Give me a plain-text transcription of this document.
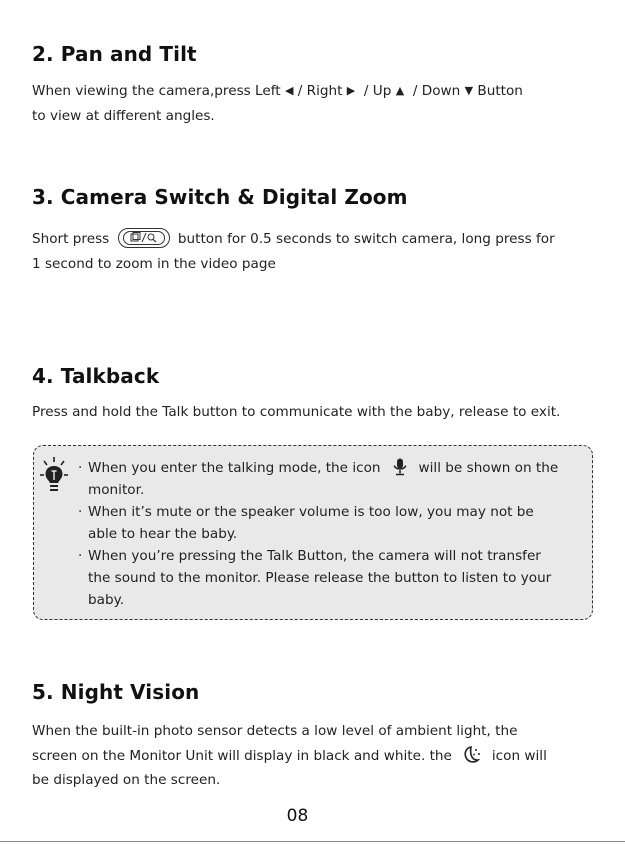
2. Pan and Tilt

When viewing the camera,press Left ◀ / Right ▶ / Up ▲ / Down ▼ Button

to view at different angles.

3. Camera Switch & Digital Zoom

Short press	button for 0.5 seconds to switch camera, long press for

1 second to zoom in the video page

4. Talkback

Press and hold the Talk button to communicate with the baby, release to exit.

· When you enter the talking mode, the icon	will be shown on the

monitor.

· When it’s mute or the speaker volume is too low, you may not be

able to hear the baby.

· When you’re pressing the Talk Button, the camera will not transfer

the sound to the monitor. Please release the button to listen to your

baby.

5. Night Vision

When the built-in photo sensor detects a low level of ambient light, the

screen on the Monitor Unit will display in black and white. the	icon will

be displayed on the screen.

08
